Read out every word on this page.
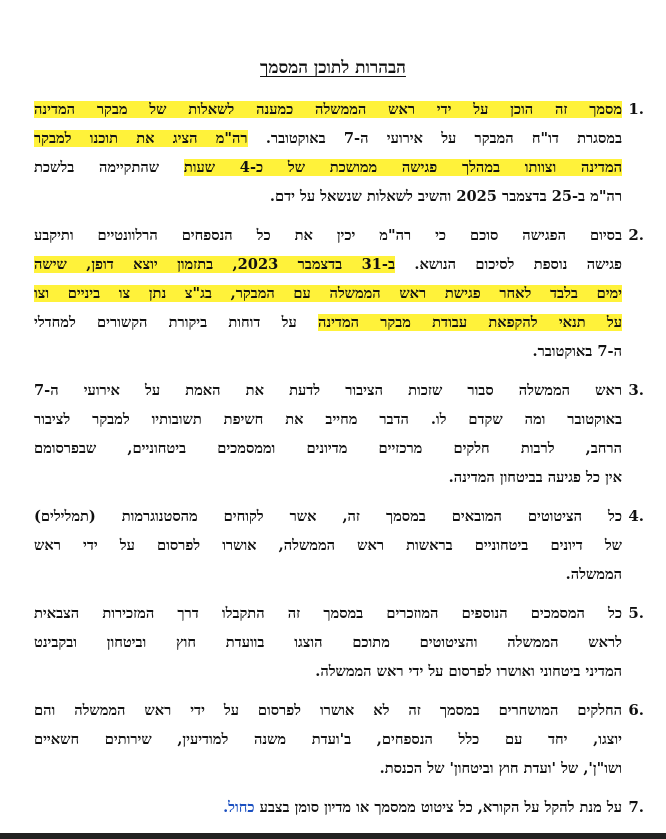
הבהרות לתוכן המסמך
1.
מסמך זה הוכן על ידי ראש הממשלה כמענה לשאלות של מבקר המדינה
במסגרת דו"ח המבקר על אירועי ה-7 באוקטובר. רה"מ הציג את תוכנו למבקר
המדינה וצוותו במהלך פגישה ממושכת של כ-4 שעות שהתקיימה בלשכת
רה"מ ב-25 בדצמבר 2025 והשיב לשאלות שנשאל על ידם.
2.
בסיום הפגישה סוכם כי רה"מ יכין את כל הנספחים הרלוונטיים ותיקבע
פגישה נוספת לסיכום הנושא. ב-31 בדצמבר 2023, בתזמון יוצא דופן, שישה
ימים בלבד לאחר פגישת ראש הממשלה עם המבקר, בג"צ נתן צו ביניים וצו
על תנאי להקפאת עבודת מבקר המדינה על דוחות ביקורת הקשורים למחדלי
ה-7 באוקטובר.
3.
ראש הממשלה סבור שזכות הציבור לדעת את האמת על אירועי ה-7
באוקטובר ומה שקדם לו. הדבר מחייב את חשיפת תשובותיו למבקר לציבור
הרחב, לרבות חלקים מרכזיים מדיונים וממסמכים ביטחוניים, שבפרסומם
אין כל פגיעה בביטחון המדינה.
4.
כל הציטוטים המובאים במסמך זה, אשר לקוחים מהסטנוגרמות (תמלילים)
של דיונים ביטחוניים בראשות ראש הממשלה, אושרו לפרסום על ידי ראש
הממשלה.
5.
כל המסמכים הנוספים המוזכרים במסמך זה התקבלו דרך המזכירות הצבאית
לראש הממשלה והציטוטים מתוכם הוצגו בוועדת חוץ וביטחון ובקבינט
המדיני ביטחוני ואושרו לפרסום על ידי ראש הממשלה.
6.
החלקים המושחרים במסמך זה לא אושרו לפרסום על ידי ראש הממשלה והם
יוצגו, יחד עם כלל הנספחים, ב'ועדת משנה למודיעין, שירותים חשאיים
ושו"ן', של 'ועדת חוץ וביטחון' של הכנסת.
7.
על מנת להקל על הקורא, כל ציטוט ממסמך או מדיון סומן בצבע כחול.
